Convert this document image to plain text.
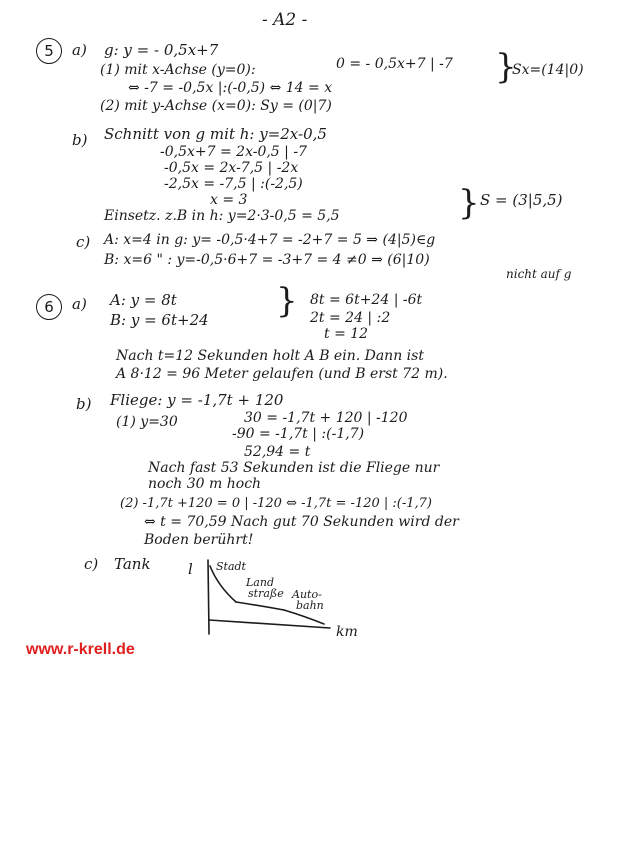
- A2 -
5	a) g: y = - 0,5x+7
(1) mit x-Achse (y=0):	0 = - 0,5x+7 | -7 }
Sx=(14|0)
⇔ -7 = -0,5x |:(-0,5) ⇔ 14 = x
(2) mit y-Achse (x=0): Sy = (0|7)
b) Schnitt von g mit h: y=2x-0,5
-0,5x+7 = 2x-0,5 | -7
-0,5x = 2x-7,5 | -2x
-2,5x = -7,5 | :(-2,5)
x = 3
Einsetz. z.B in h: y=2·3-0,5 = 5,5	} S = (3|5,5)
c) A: x=4 in g: y= -0,5·4+7 = -2+7 = 5 ⇒ (4|5)∈g
B: x=6 " : y=-0,5·6+7 = -3+7 = 4 ≠0 ⇒ (6|10)
nicht auf g
6	a) A: y = 8t
B: y = 6t+24 } 8t = 6t+24 | -6t
2t = 24 | :2
t = 12
Nach t=12 Sekunden holt A B ein. Dann ist
A 8·12 = 96 Meter gelaufen (und B erst 72 m).
b) Fliege: y = -1,7t + 120
(1) y=30	30 = -1,7t + 120 | -120
-90 = -1,7t | :(-1,7)
52,94 = t
Nach fast 53 Sekunden ist die Fliege nur
noch 30 m hoch
(2) -1,7t +120 = 0 | -120 ⇔ -1,7t = -120 | :(-1,7)
⇔ t = 70,59 Nach gut 70 Sekunden wird der
Boden berührt!
c) Tank l
km
Stadt
Land
straße Auto-
bahn
www.r-krell.de
